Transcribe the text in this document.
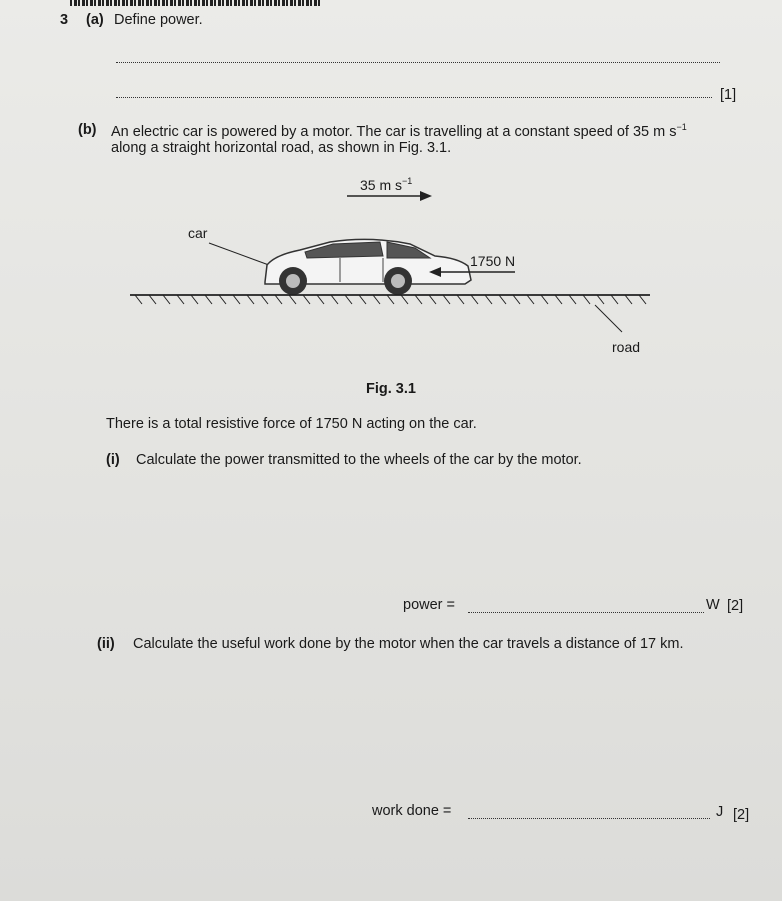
3 (a) Define power.
[1]
(b) An electric car is powered by a motor. The car is travelling at a constant speed of 35 m $s^{-1}$
along a straight horizontal road, as shown in Fig. 3.1.
35 m $s^{-1}$
car
1750 N
road
Fig. 3.1
There is a total resistive force of 1750 N acting on the car.
(i) Calculate the power transmitted to the wheels of the car by the motor.
power =	W [2]
(ii) Calculate the useful work done by the motor when the car travels a distance of 17 km.
work done =	J [2]
